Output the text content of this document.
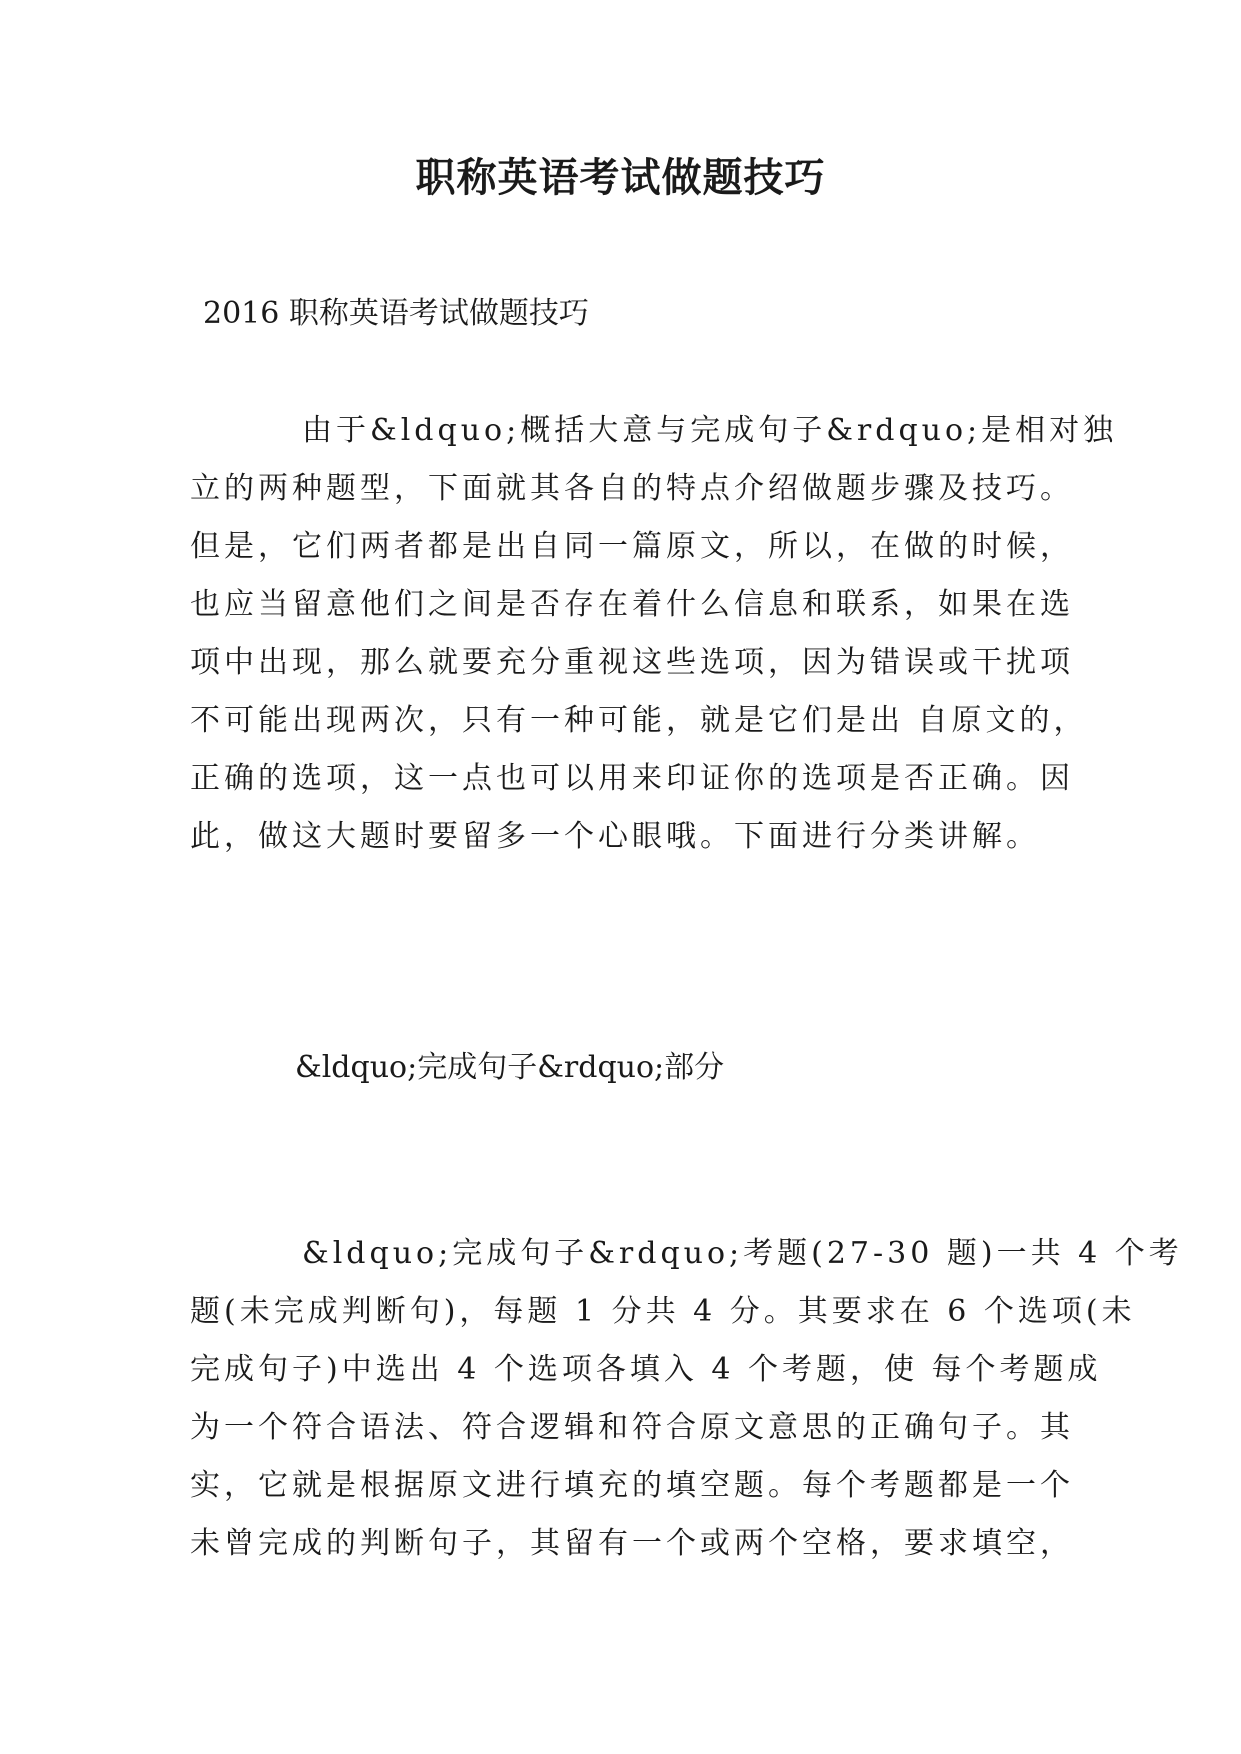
职称英语考试做题技巧

2016 职称英语考试做题技巧

由于&ldquo;概括大意与完成句子&rdquo;是相对独
立的两种题型，下面就其各自的特点介绍做题步骤及技巧。
但是，它们两者都是出自同一篇原文，所以，在做的时候，
也应当留意他们之间是否存在着什么信息和联系，如果在选
项中出现，那么就要充分重视这些选项，因为错误或干扰项
不可能出现两次，只有一种可能，就是它们是出 自原文的，
正确的选项，这一点也可以用来印证你的选项是否正确。因
此，做这大题时要留多一个心眼哦。下面进行分类讲解。
&ldquo;完成句子&rdquo;部分
&ldquo;完成句子&rdquo;考题(27-30 题)一共 4 个考
题(未完成判断句)，每题 1 分共 4 分。其要求在 6 个选项(未
完成句子)中选出 4 个选项各填入 4 个考题，使 每个考题成
为一个符合语法、符合逻辑和符合原文意思的正确句子。其
实，它就是根据原文进行填充的填空题。每个考题都是一个
未曾完成的判断句子，其留有一个或两个空格，要求填空，
